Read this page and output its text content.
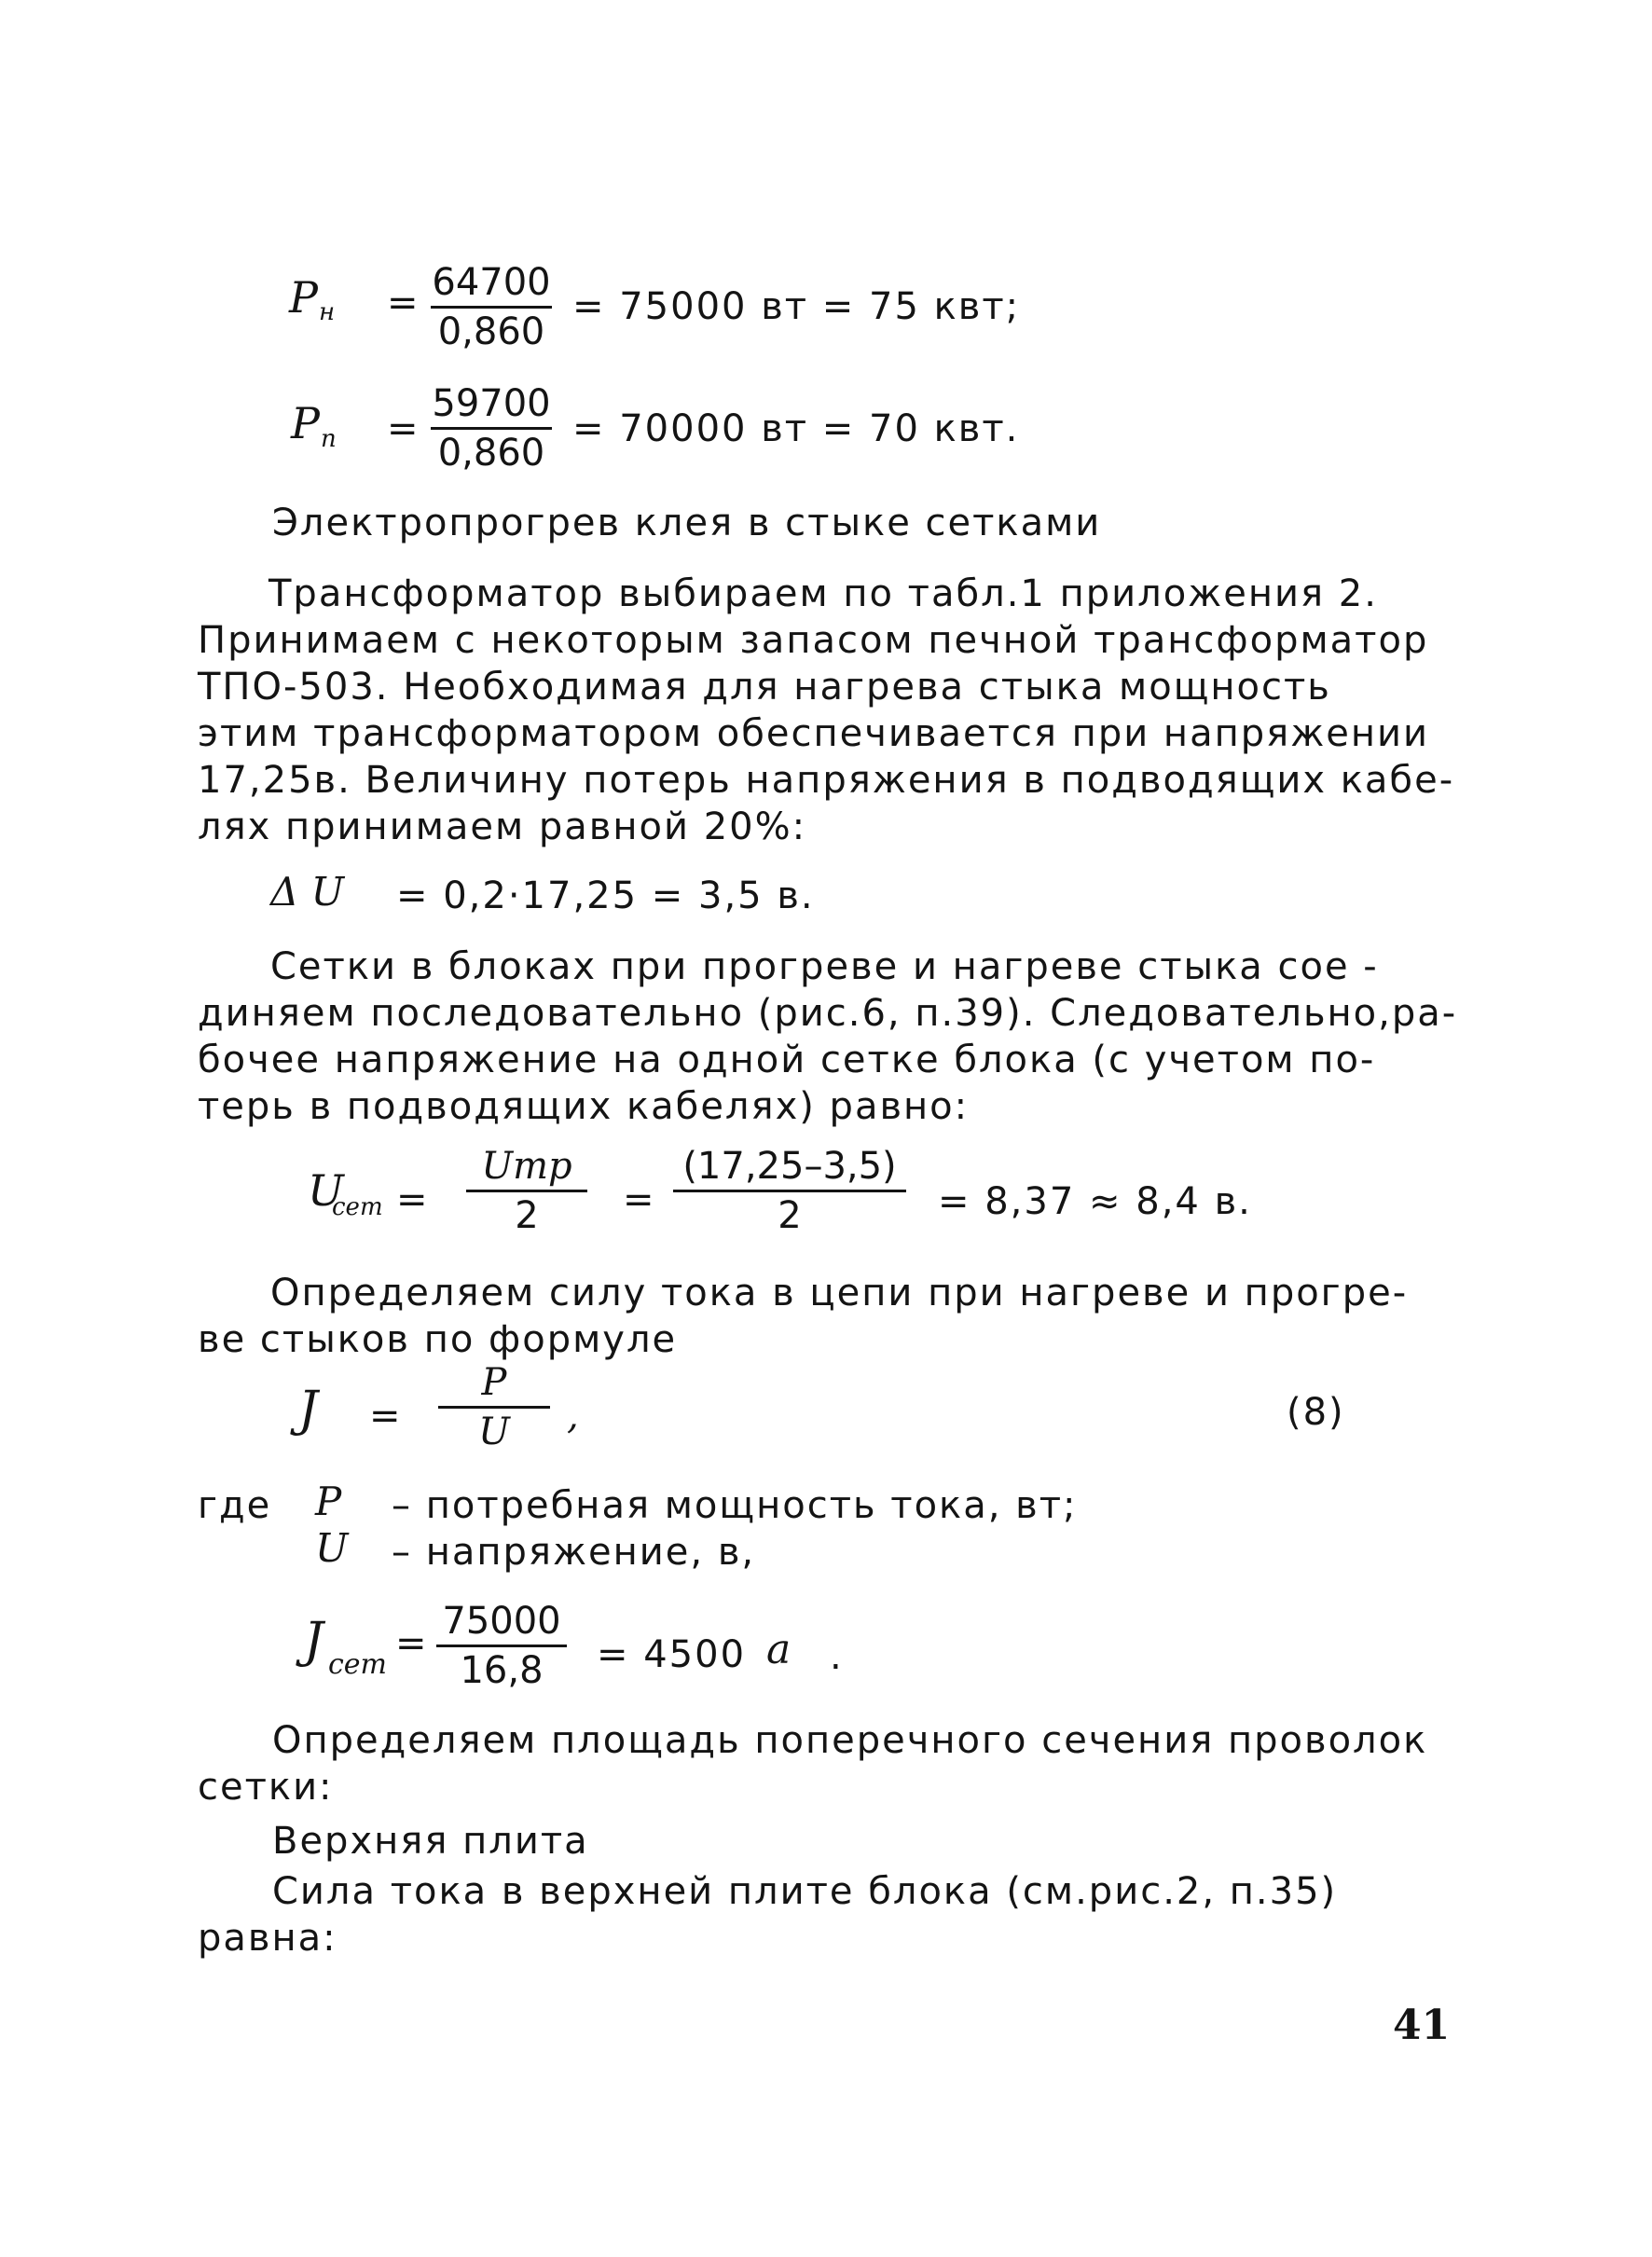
P н = 64700
0,860
= 75000 вт = 75 квт;
P п =
59700
0,860
= 70000 вт = 70 квт.
Электропрогрев клея в стыке сетками
Трансформатор выбираем по табл.1 приложения 2.
Принимаем с некоторым запасом печной трансформатор
ТПО-503. Необходимая для нагрева стыка мощность
этим трансформатором обеспечивается при напряжении
17,25в. Величину потерь напряжения в подводящих кабе-
лях принимаем равной 20%:
Δ U = 0,2·17,25 = 3,5 в.
Сетки в блоках при прогреве и нагреве стыка сое -
диняем последовательно (рис.6, п.39). Следовательно,ра-
бочее напряжение на одной сетке блока (с учетом по-
терь в подводящих кабелях) равно:
U
сет =
Uтр
2	=
(17,25–3,5)
2	= 8,37 ≈ 8,4 в.
Определяем силу тока в цепи при нагреве и прогре-
ве стыков по формуле
J =
P
U	,	(8)
где P – потребная мощность тока, вт;
U – напряжение, в,
J сет =
75000
16,8	= 4500 a .
Определяем площадь поперечного сечения проволок
сетки:
Верхняя плита
Сила тока в верхней плите блока (см.рис.2, п.35)
равна:
41
